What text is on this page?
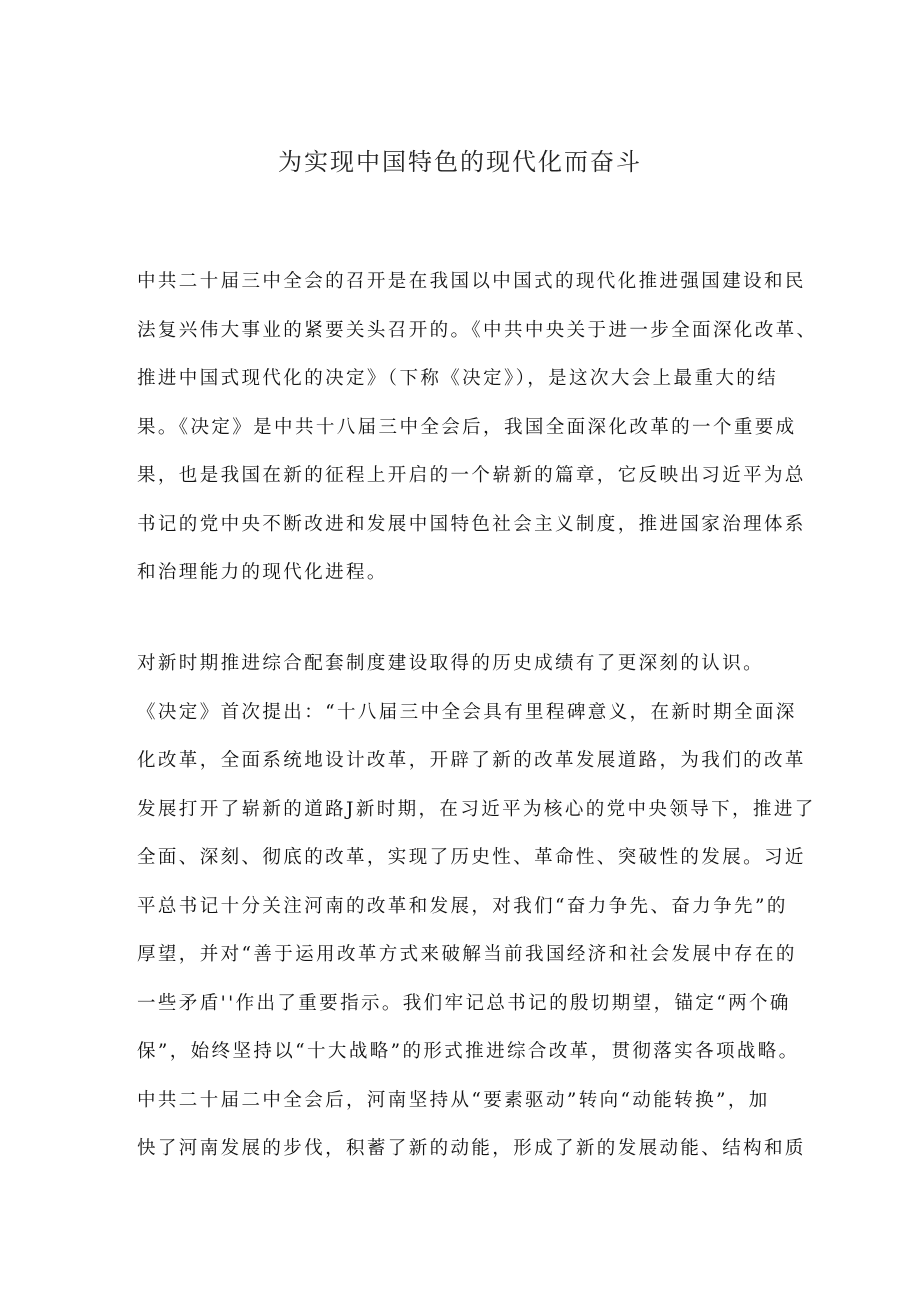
为实现中国特色的现代化而奋斗
中共二十届三中全会的召开是在我国以中国式的现代化推进强国建设和民
法复兴伟大事业的紧要关头召开的。《中共中央关于进一步全面深化改革、
推进中国式现代化的决定》（下称《决定》），是这次大会上最重大的结
果。《决定》是中共十八届三中全会后，我国全面深化改革的一个重要成
果，也是我国在新的征程上开启的一个崭新的篇章，它反映出习近平为总
书记的党中央不断改进和发展中国特色社会主义制度，推进国家治理体系
和治理能力的现代化进程。
对新时期推进综合配套制度建设取得的历史成绩有了更深刻的认识。
《决定》首次提出：“十八届三中全会具有里程碑意义，在新时期全面深
化改革，全面系统地设计改革，开辟了新的改革发展道路，为我们的改革
发展打开了崭新的道路J新时期，在习近平为核心的党中央领导下，推进了
全面、深刻、彻底的改革，实现了历史性、革命性、突破性的发展。习近
平总书记十分关注河南的改革和发展，对我们“奋力争先、奋力争先”的
厚望，并对“善于运用改革方式来破解当前我国经济和社会发展中存在的
一些矛盾''作出了重要指示。我们牢记总书记的殷切期望，锚定“两个确
保”，始终坚持以“十大战略”的形式推进综合改革，贯彻落实各项战略。
中共二十届二中全会后，河南坚持从“要素驱动”转向“动能转换”，加
快了河南发展的步伐，积蓄了新的动能，形成了新的发展动能、结构和质
